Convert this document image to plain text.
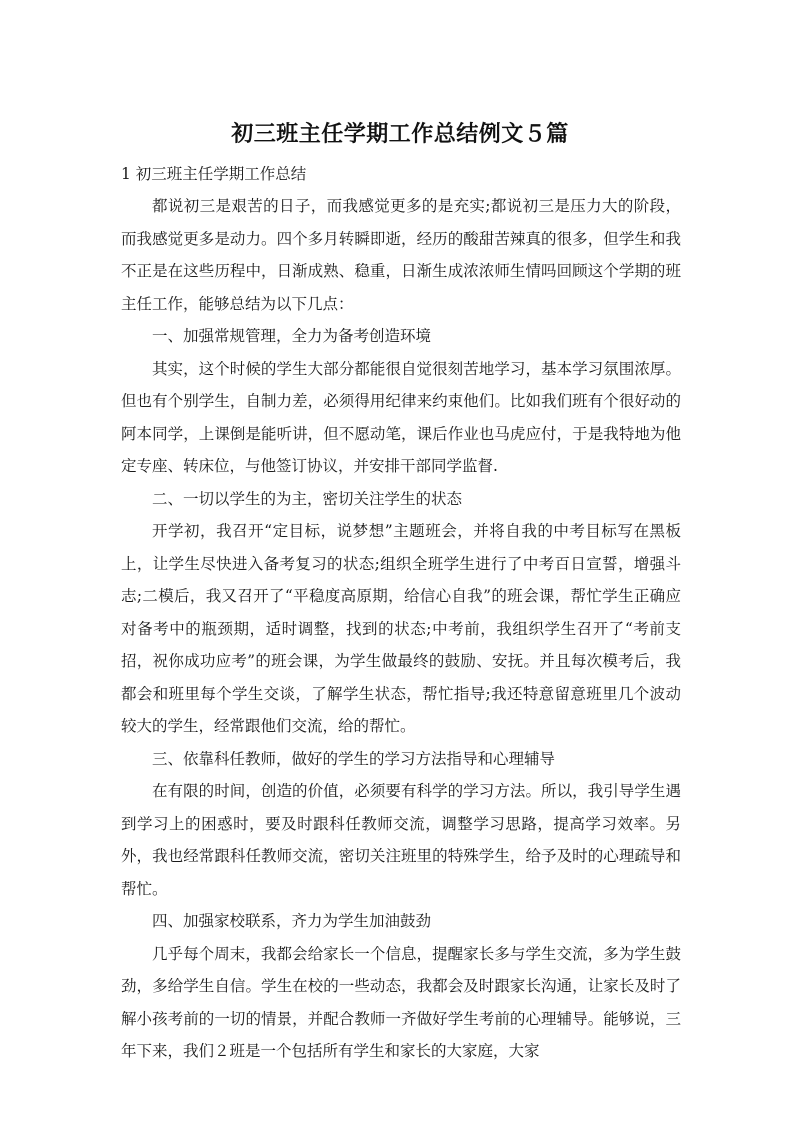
初三班主任学期工作总结例文５篇
1 初三班主任学期工作总结

都说初三是艰苦的日子，而我感觉更多的是充实;都说初三是压力大的阶段，而我感觉更多是动力。四个多月转瞬即逝，经历的酸甜苦辣真的很多，但学生和我不正是在这些历程中，日渐成熟、稳重，日渐生成浓浓师生情吗回顾这个学期的班主任工作，能够总结为以下几点：

一、加强常规管理，全力为备考创造环境

其实，这个时候的学生大部分都能很自觉很刻苦地学习，基本学习氛围浓厚。但也有个别学生，自制力差，必须得用纪律来约束他们。比如我们班有个很好动的阿本同学，上课倒是能听讲，但不愿动笔，课后作业也马虎应付，于是我特地为他定专座、转床位，与他签订协议，并安排干部同学监督.

二、一切以学生的为主，密切关注学生的状态

开学初，我召开“定目标，说梦想”主题班会，并将自我的中考目标写在黑板上，让学生尽快进入备考复习的状态;组织全班学生进行了中考百日宣誓，增强斗志;二模后，我又召开了“平稳度高原期，给信心自我”的班会课，帮忙学生正确应对备考中的瓶颈期，适时调整，找到的状态;中考前，我组织学生召开了“考前支招，祝你成功应考”的班会课，为学生做最终的鼓励、安抚。并且每次模考后，我都会和班里每个学生交谈，了解学生状态，帮忙指导;我还特意留意班里几个波动较大的学生，经常跟他们交流，给的帮忙。

三、依靠科任教师，做好的学生的学习方法指导和心理辅导

在有限的时间，创造的价值，必须要有科学的学习方法。所以，我引导学生遇到学习上的困惑时，要及时跟科任教师交流，调整学习思路，提高学习效率。另外，我也经常跟科任教师交流，密切关注班里的特殊学生，给予及时的心理疏导和帮忙。

四、加强家校联系，齐力为学生加油鼓劲

几乎每个周末，我都会给家长一个信息，提醒家长多与学生交流，多为学生鼓劲，多给学生自信。学生在校的一些动态，我都会及时跟家长沟通，让家长及时了解小孩考前的一切的情景，并配合教师一齐做好学生考前的心理辅导。能够说，三年下来，我们２班是一个包括所有学生和家长的大家庭，大家
